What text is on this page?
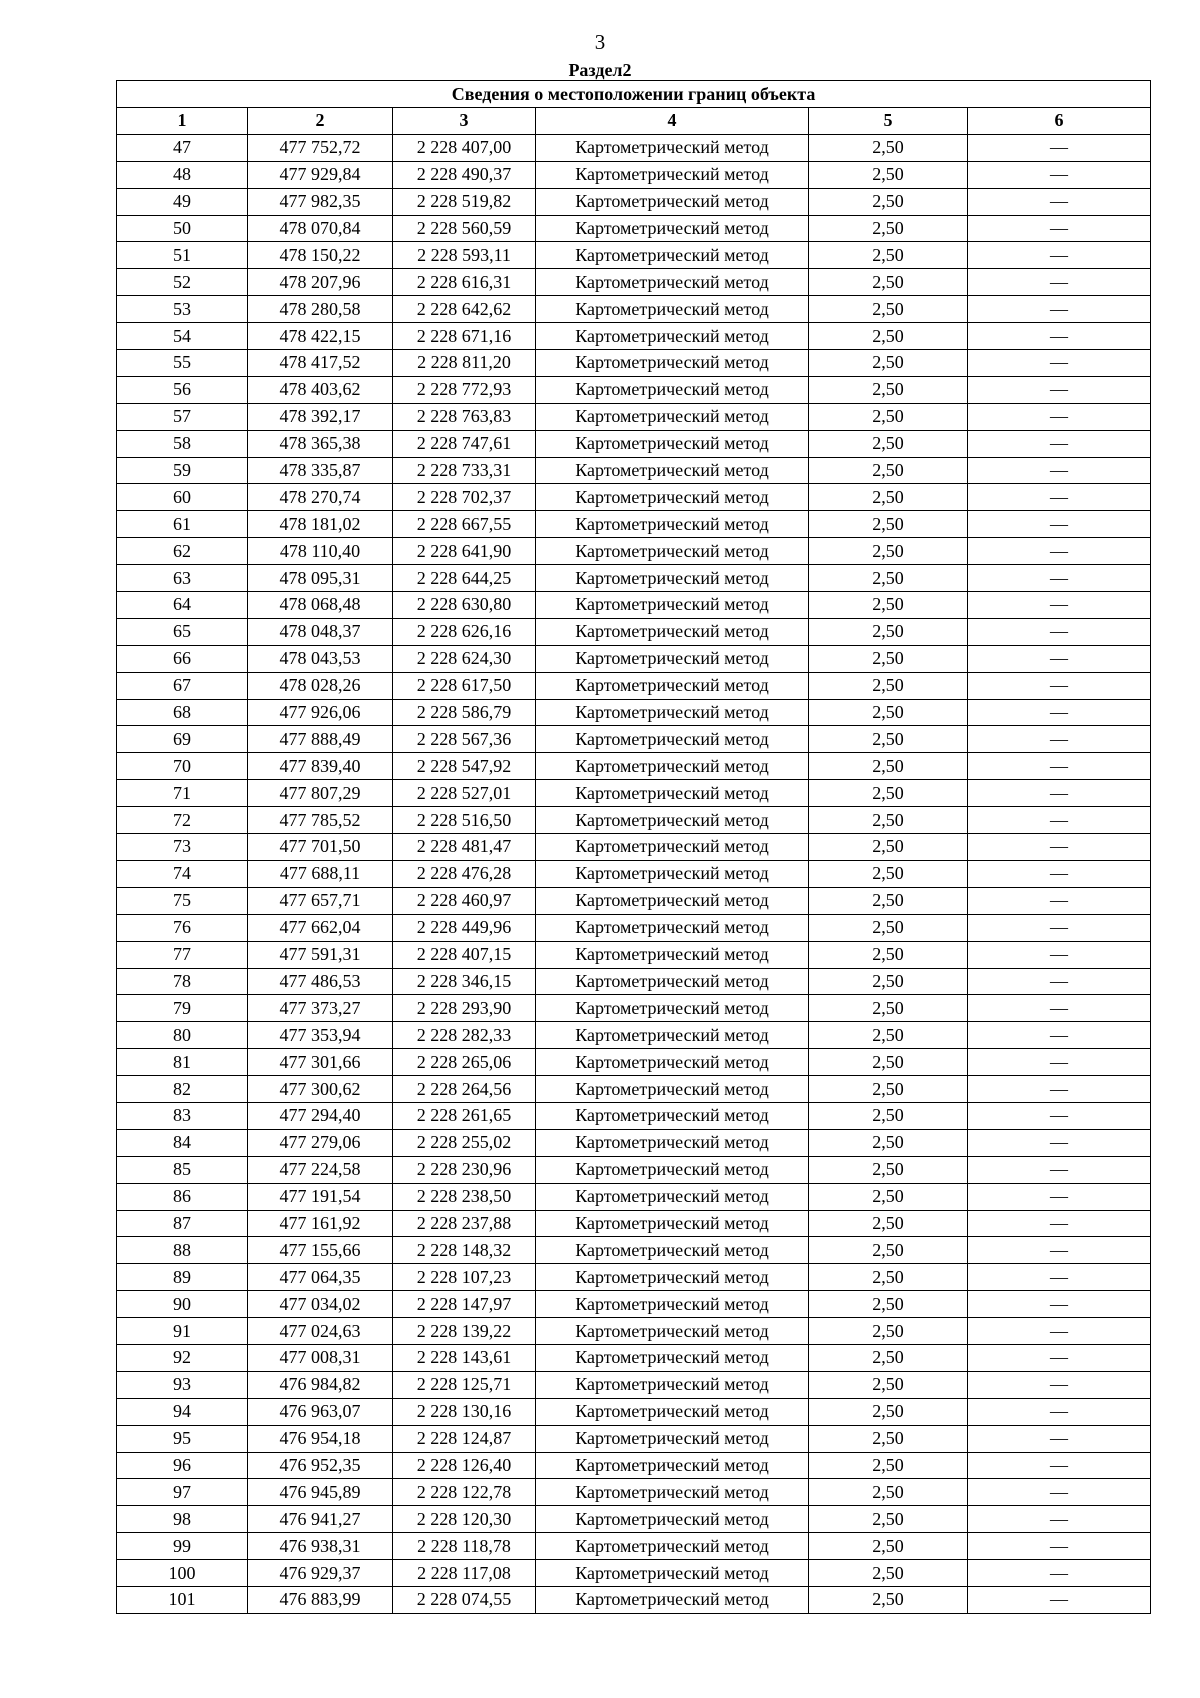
3
Раздел2
Сведения о местоположении границ объекта					
1	2	3	4	5	6
47	477 752,72	2 228 407,00	Картометрический метод	2,50	—
48	477 929,84	2 228 490,37	Картометрический метод	2,50	—
49	477 982,35	2 228 519,82	Картометрический метод	2,50	—
50	478 070,84	2 228 560,59	Картометрический метод	2,50	—
51	478 150,22	2 228 593,11	Картометрический метод	2,50	—
52	478 207,96	2 228 616,31	Картометрический метод	2,50	—
53	478 280,58	2 228 642,62	Картометрический метод	2,50	—
54	478 422,15	2 228 671,16	Картометрический метод	2,50	—
55	478 417,52	2 228 811,20	Картометрический метод	2,50	—
56	478 403,62	2 228 772,93	Картометрический метод	2,50	—
57	478 392,17	2 228 763,83	Картометрический метод	2,50	—
58	478 365,38	2 228 747,61	Картометрический метод	2,50	—
59	478 335,87	2 228 733,31	Картометрический метод	2,50	—
60	478 270,74	2 228 702,37	Картометрический метод	2,50	—
61	478 181,02	2 228 667,55	Картометрический метод	2,50	—
62	478 110,40	2 228 641,90	Картометрический метод	2,50	—
63	478 095,31	2 228 644,25	Картометрический метод	2,50	—
64	478 068,48	2 228 630,80	Картометрический метод	2,50	—
65	478 048,37	2 228 626,16	Картометрический метод	2,50	—
66	478 043,53	2 228 624,30	Картометрический метод	2,50	—
67	478 028,26	2 228 617,50	Картометрический метод	2,50	—
68	477 926,06	2 228 586,79	Картометрический метод	2,50	—
69	477 888,49	2 228 567,36	Картометрический метод	2,50	—
70	477 839,40	2 228 547,92	Картометрический метод	2,50	—
71	477 807,29	2 228 527,01	Картометрический метод	2,50	—
72	477 785,52	2 228 516,50	Картометрический метод	2,50	—
73	477 701,50	2 228 481,47	Картометрический метод	2,50	—
74	477 688,11	2 228 476,28	Картометрический метод	2,50	—
75	477 657,71	2 228 460,97	Картометрический метод	2,50	—
76	477 662,04	2 228 449,96	Картометрический метод	2,50	—
77	477 591,31	2 228 407,15	Картометрический метод	2,50	—
78	477 486,53	2 228 346,15	Картометрический метод	2,50	—
79	477 373,27	2 228 293,90	Картометрический метод	2,50	—
80	477 353,94	2 228 282,33	Картометрический метод	2,50	—
81	477 301,66	2 228 265,06	Картометрический метод	2,50	—
82	477 300,62	2 228 264,56	Картометрический метод	2,50	—
83	477 294,40	2 228 261,65	Картометрический метод	2,50	—
84	477 279,06	2 228 255,02	Картометрический метод	2,50	—
85	477 224,58	2 228 230,96	Картометрический метод	2,50	—
86	477 191,54	2 228 238,50	Картометрический метод	2,50	—
87	477 161,92	2 228 237,88	Картометрический метод	2,50	—
88	477 155,66	2 228 148,32	Картометрический метод	2,50	—
89	477 064,35	2 228 107,23	Картометрический метод	2,50	—
90	477 034,02	2 228 147,97	Картометрический метод	2,50	—
91	477 024,63	2 228 139,22	Картометрический метод	2,50	—
92	477 008,31	2 228 143,61	Картометрический метод	2,50	—
93	476 984,82	2 228 125,71	Картометрический метод	2,50	—
94	476 963,07	2 228 130,16	Картометрический метод	2,50	—
95	476 954,18	2 228 124,87	Картометрический метод	2,50	—
96	476 952,35	2 228 126,40	Картометрический метод	2,50	—
97	476 945,89	2 228 122,78	Картометрический метод	2,50	—
98	476 941,27	2 228 120,30	Картометрический метод	2,50	—
99	476 938,31	2 228 118,78	Картометрический метод	2,50	—
100	476 929,37	2 228 117,08	Картометрический метод	2,50	—
101	476 883,99	2 228 074,55	Картометрический метод	2,50	—
